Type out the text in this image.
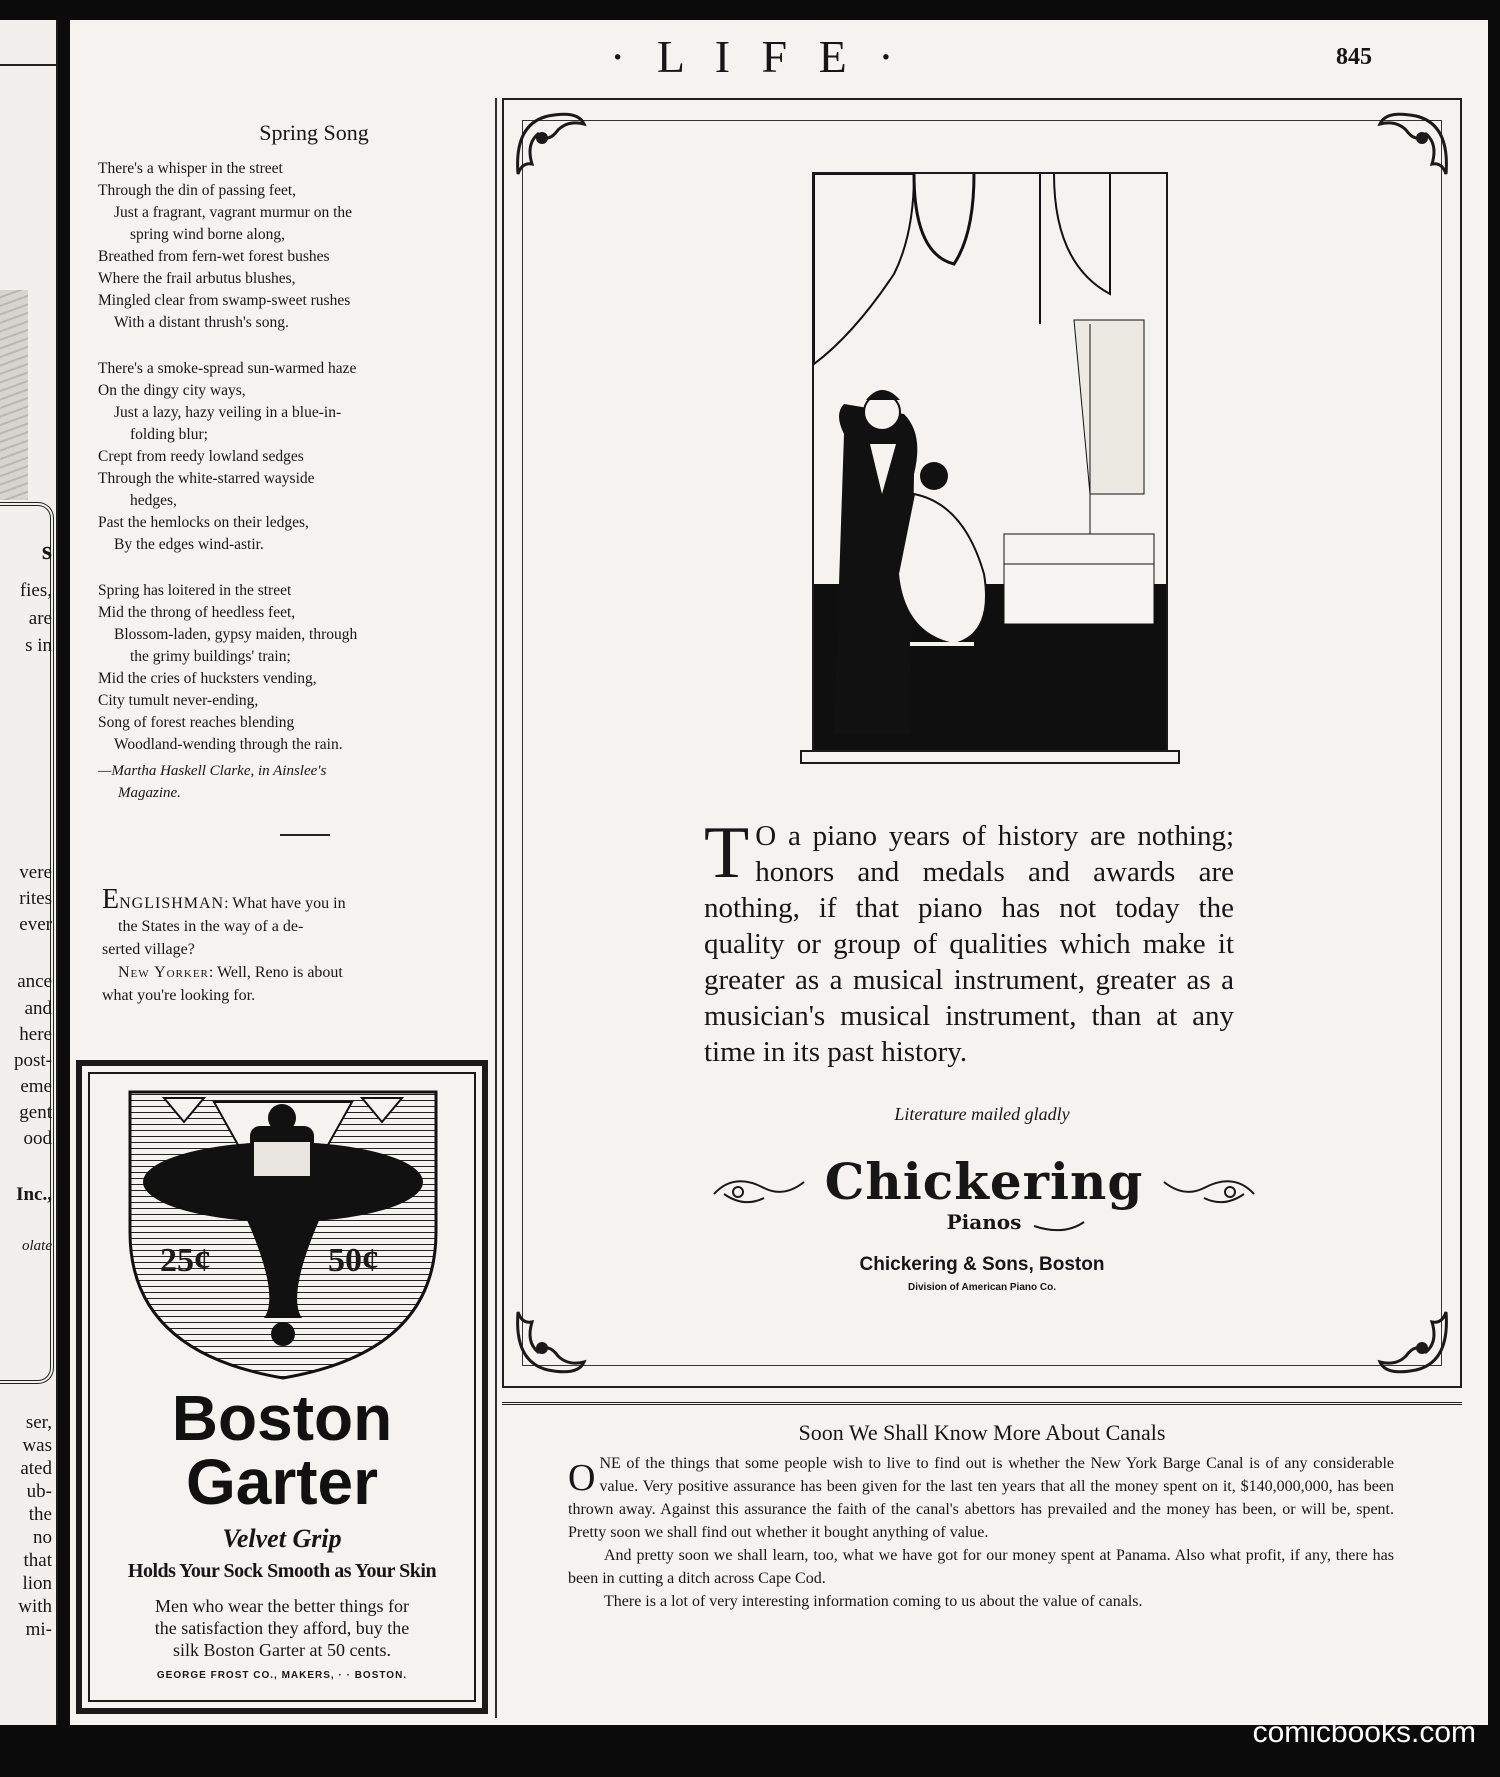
s
fies,
are
s in
vere
rites
ever
ance
and
here
post-
eme
gent
ood
Inc.,
olate
ser,
was
ated
ub-
the
no
that
lion
with
mi-
· L I F E ·	845
Spring Song
There's a whisper in the street
Through the din of passing feet,
Just a fragrant, vagrant murmur on the
spring wind borne along,
Breathed from fern-wet forest bushes
Where the frail arbutus blushes,
Mingled clear from swamp-sweet rushes
With a distant thrush's song.
There's a smoke-spread sun-warmed haze
On the dingy city ways,
Just a lazy, hazy veiling in a blue-in-
folding blur;
Crept from reedy lowland sedges
Through the white-starred wayside
hedges,
Past the hemlocks on their ledges,
By the edges wind-astir.
Spring has loitered in the street
Mid the throng of heedless feet,
Blossom-laden, gypsy maiden, through
the grimy buildings' train;
Mid the cries of hucksters vending,
City tumult never-ending,
Song of forest reaches blending
Woodland-wending through the rain.
—Martha Haskell Clarke, in Ainslee's
Magazine.
ENGLISHMAN: What have you in
the States in the way of a de-
serted village?
New Yorker: Well, Reno is about
what you're looking for.
25¢	50¢
Boston
Garter
Velvet Grip
Holds Your Sock Smooth as Your Skin
Men who wear the better things for
the satisfaction they afford, buy the
silk Boston Garter at 50 cents.
GEORGE FROST CO., MAKERS, · · BOSTON.
T O a piano years of history are nothing; honors and medals and awards are nothing, if that piano has not today the quality or group of qualities which make it greater as a musical instrument, greater as a musician's musical instrument, than at any time in its past history.
Literature mailed gladly
Chickering
Pianos
Chickering & Sons, Boston
Division of American Piano Co.
Soon We Shall Know More About Canals

ONE of the things that some people wish to live to find out is whether the New York Barge Canal is of any considerable value. Very positive assurance has been given for the last ten years that all the money spent on it, $140,000,000, has been thrown away. Against this assurance the faith of the canal's abettors has prevailed and the money has been, or will be, spent. Pretty soon we shall find out whether it bought anything of value.

And pretty soon we shall learn, too, what we have got for our money spent at Panama. Also what profit, if any, there has been in cutting a ditch across Cape Cod.

There is a lot of very interesting information coming to us about the value of canals.

comicbooks.com
